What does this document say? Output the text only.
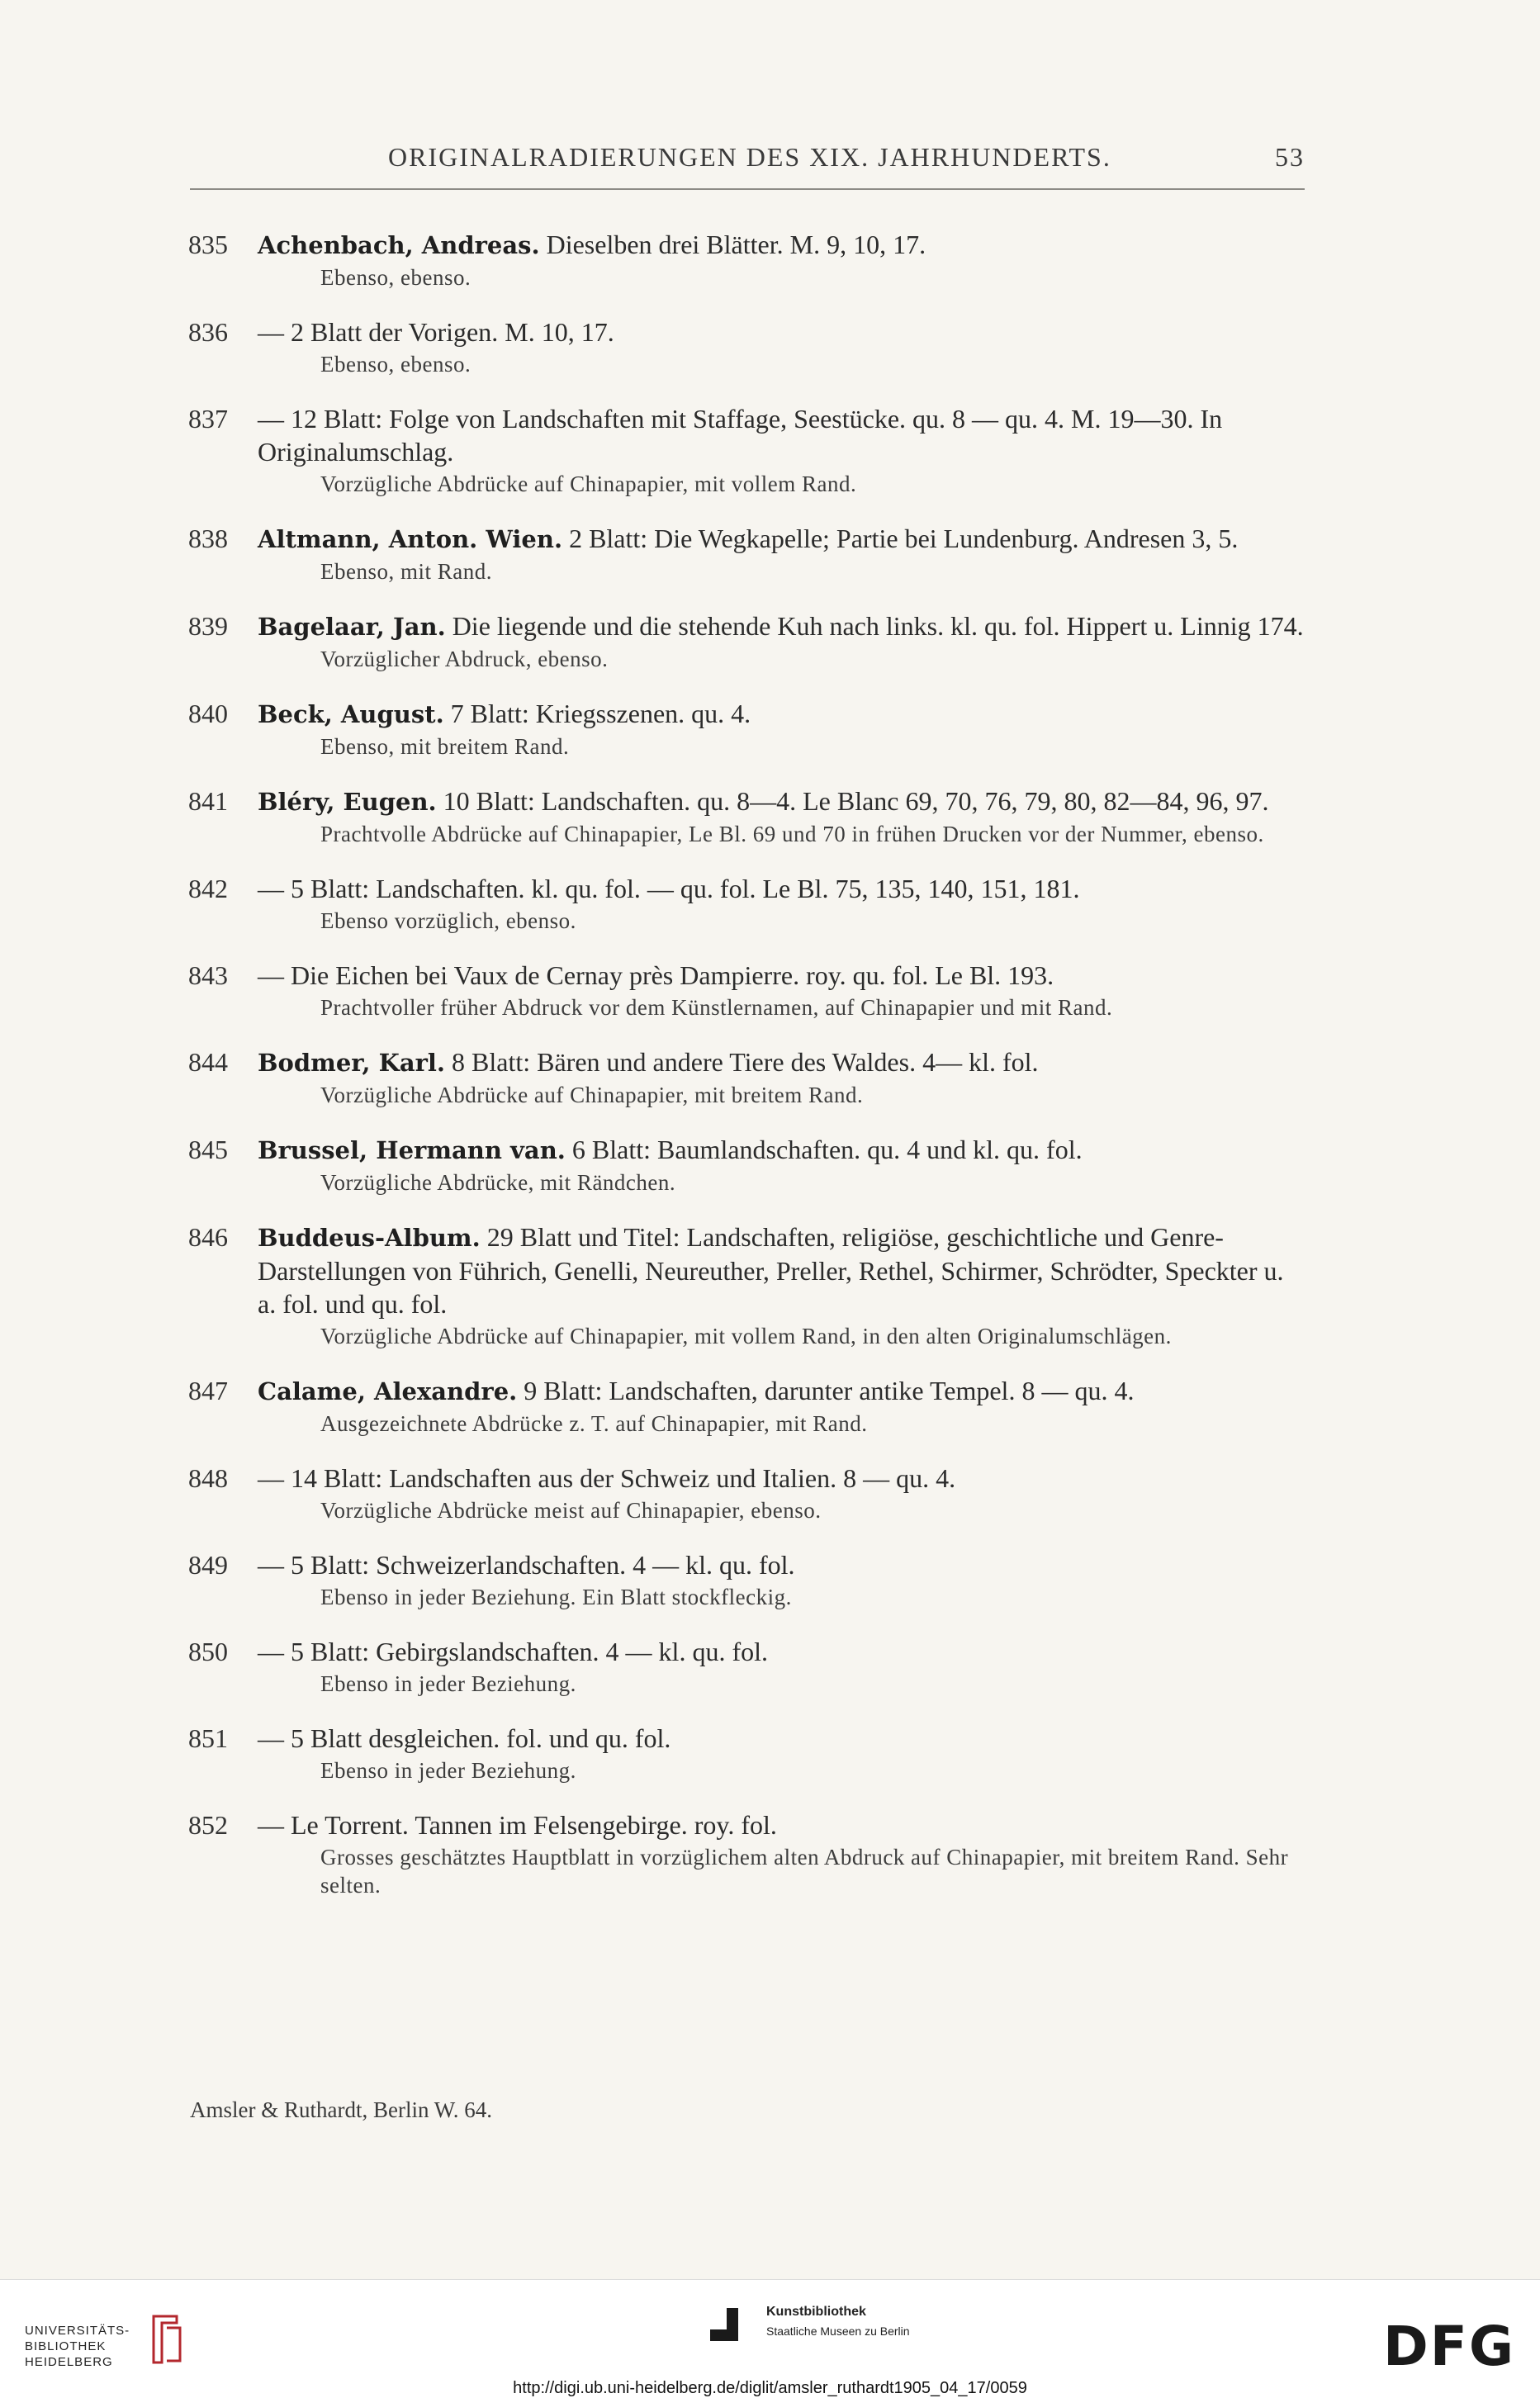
ORIGINALRADIERUNGEN DES XIX. JAHRHUNDERTS.	53
835	Achenbach, Andreas. Dieselben drei Blätter. M. 9, 10, 17.
Ebenso, ebenso.
836	— 2 Blatt der Vorigen. M. 10, 17.
Ebenso, ebenso.
837	— 12 Blatt: Folge von Landschaften mit Staffage, Seestücke. qu. 8 — qu. 4. M. 19—30. In Originalumschlag.
Vorzügliche Abdrücke auf Chinapapier, mit vollem Rand.
838	Altmann, Anton. Wien. 2 Blatt: Die Wegkapelle; Partie bei Lundenburg. Andresen 3, 5.
Ebenso, mit Rand.
839	Bagelaar, Jan. Die liegende und die stehende Kuh nach links. kl. qu. fol. Hippert u. Linnig 174.
Vorzüglicher Abdruck, ebenso.
840	Beck, August. 7 Blatt: Kriegsszenen. qu. 4.
Ebenso, mit breitem Rand.
841	Bléry, Eugen. 10 Blatt: Landschaften. qu. 8—4. Le Blanc 69, 70, 76, 79, 80, 82—84, 96, 97.
Prachtvolle Abdrücke auf Chinapapier, Le Bl. 69 und 70 in frühen Drucken vor der Nummer, ebenso.
842	— 5 Blatt: Landschaften. kl. qu. fol. — qu. fol. Le Bl. 75, 135, 140, 151, 181.
Ebenso vorzüglich, ebenso.
843	— Die Eichen bei Vaux de Cernay près Dampierre. roy. qu. fol. Le Bl. 193.
Prachtvoller früher Abdruck vor dem Künstlernamen, auf Chinapapier und mit Rand.
844	Bodmer, Karl. 8 Blatt: Bären und andere Tiere des Waldes. 4— kl. fol.
Vorzügliche Abdrücke auf Chinapapier, mit breitem Rand.
845	Brussel, Hermann van. 6 Blatt: Baumlandschaften. qu. 4 und kl. qu. fol.
Vorzügliche Abdrücke, mit Rändchen.
846	Buddeus-Album. 29 Blatt und Titel: Landschaften, religiöse, geschichtliche und Genre-Darstellungen von Führich, Genelli, Neureuther, Preller, Rethel, Schirmer, Schrödter, Speckter u. a. fol. und qu. fol.
Vorzügliche Abdrücke auf Chinapapier, mit vollem Rand, in den alten Originalumschlägen.
847	Calame, Alexandre. 9 Blatt: Landschaften, darunter antike Tempel. 8 — qu. 4.
Ausgezeichnete Abdrücke z. T. auf Chinapapier, mit Rand.
848	— 14 Blatt: Landschaften aus der Schweiz und Italien. 8 — qu. 4.
Vorzügliche Abdrücke meist auf Chinapapier, ebenso.
849	— 5 Blatt: Schweizerlandschaften. 4 — kl. qu. fol.
Ebenso in jeder Beziehung. Ein Blatt stockfleckig.
850	— 5 Blatt: Gebirgslandschaften. 4 — kl. qu. fol.
Ebenso in jeder Beziehung.
851	— 5 Blatt desgleichen. fol. und qu. fol.
Ebenso in jeder Beziehung.
852	— Le Torrent. Tannen im Felsengebirge. roy. fol.
Grosses geschätztes Hauptblatt in vorzüglichem alten Abdruck auf Chinapapier, mit breitem Rand. Sehr selten.
Amsler & Ruthardt, Berlin W. 64.
UNIVERSITÄTS-
BIBLIOTHEK
HEIDELBERG
Kunstbibliothek
Staatliche Museen zu Berlin	DFG
http://digi.ub.uni-heidelberg.de/diglit/amsler_ruthardt1905_04_17/0059
